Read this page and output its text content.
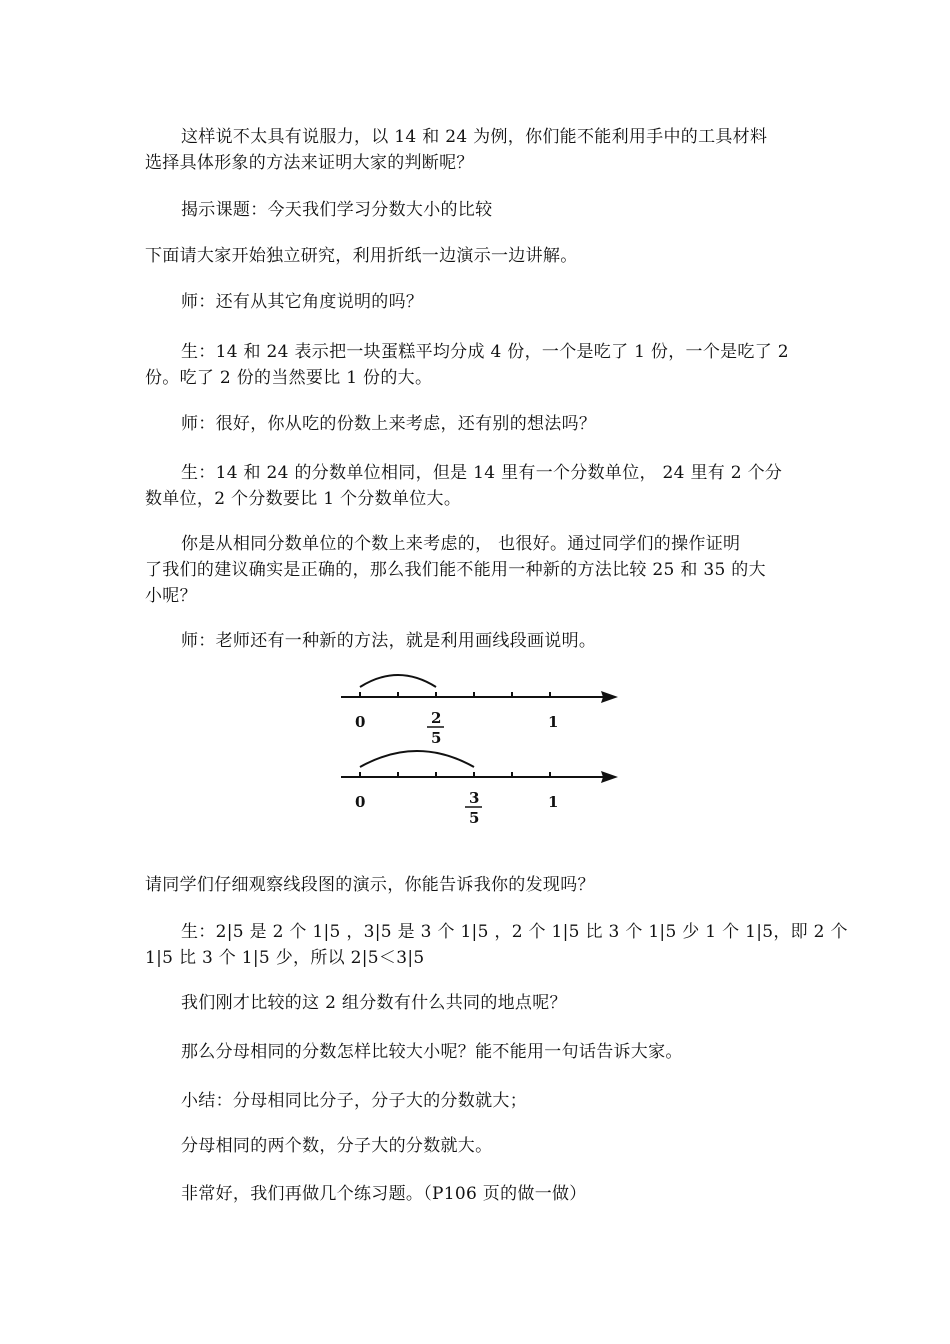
这样说不太具有说服力，以 14 和 24 为例，你们能不能利用手中的工具材料
选择具体形象的方法来证明大家的判断呢？

揭示课题：今天我们学习分数大小的比较

下面请大家开始独立研究，利用折纸一边演示一边讲解。

师：还有从其它角度说明的吗？

生：14 和 24 表示把一块蛋糕平均分成 4 份，一个是吃了 1 份，一个是吃了 2
份。吃了 2 份的当然要比 1 份的大。

师：很好，你从吃的份数上来考虑，还有别的想法吗？

生：14 和 24 的分数单位相同，但是 14 里有一个分数单位， 24 里有 2 个分
数单位，2 个分数要比 1 个分数单位大。

你是从相同分数单位的个数上来考虑的， 也很好。通过同学们的操作证明
了我们的建议确实是正确的，那么我们能不能用一种新的方法比较 25 和 35 的大
小呢？

师：老师还有一种新的方法，就是利用画线段画说明。

0	2
5
1
0	3
5
1

请同学们仔细观察线段图的演示，你能告诉我你的发现吗？

生：2|5 是 2 个 1|5 ，3|5 是 3 个 1|5 ，2 个 1|5 比 3 个 1|5 少 1 个 1|5，即 2 个
1|5 比 3 个 1|5 少，所以 2|5＜3|5

我们刚才比较的这 2 组分数有什么共同的地点呢？

那么分母相同的分数怎样比较大小呢？能不能用一句话告诉大家。

小结：分母相同比分子，分子大的分数就大；

分母相同的两个数，分子大的分数就大。

非常好，我们再做几个练习题。（P106 页的做一做）
